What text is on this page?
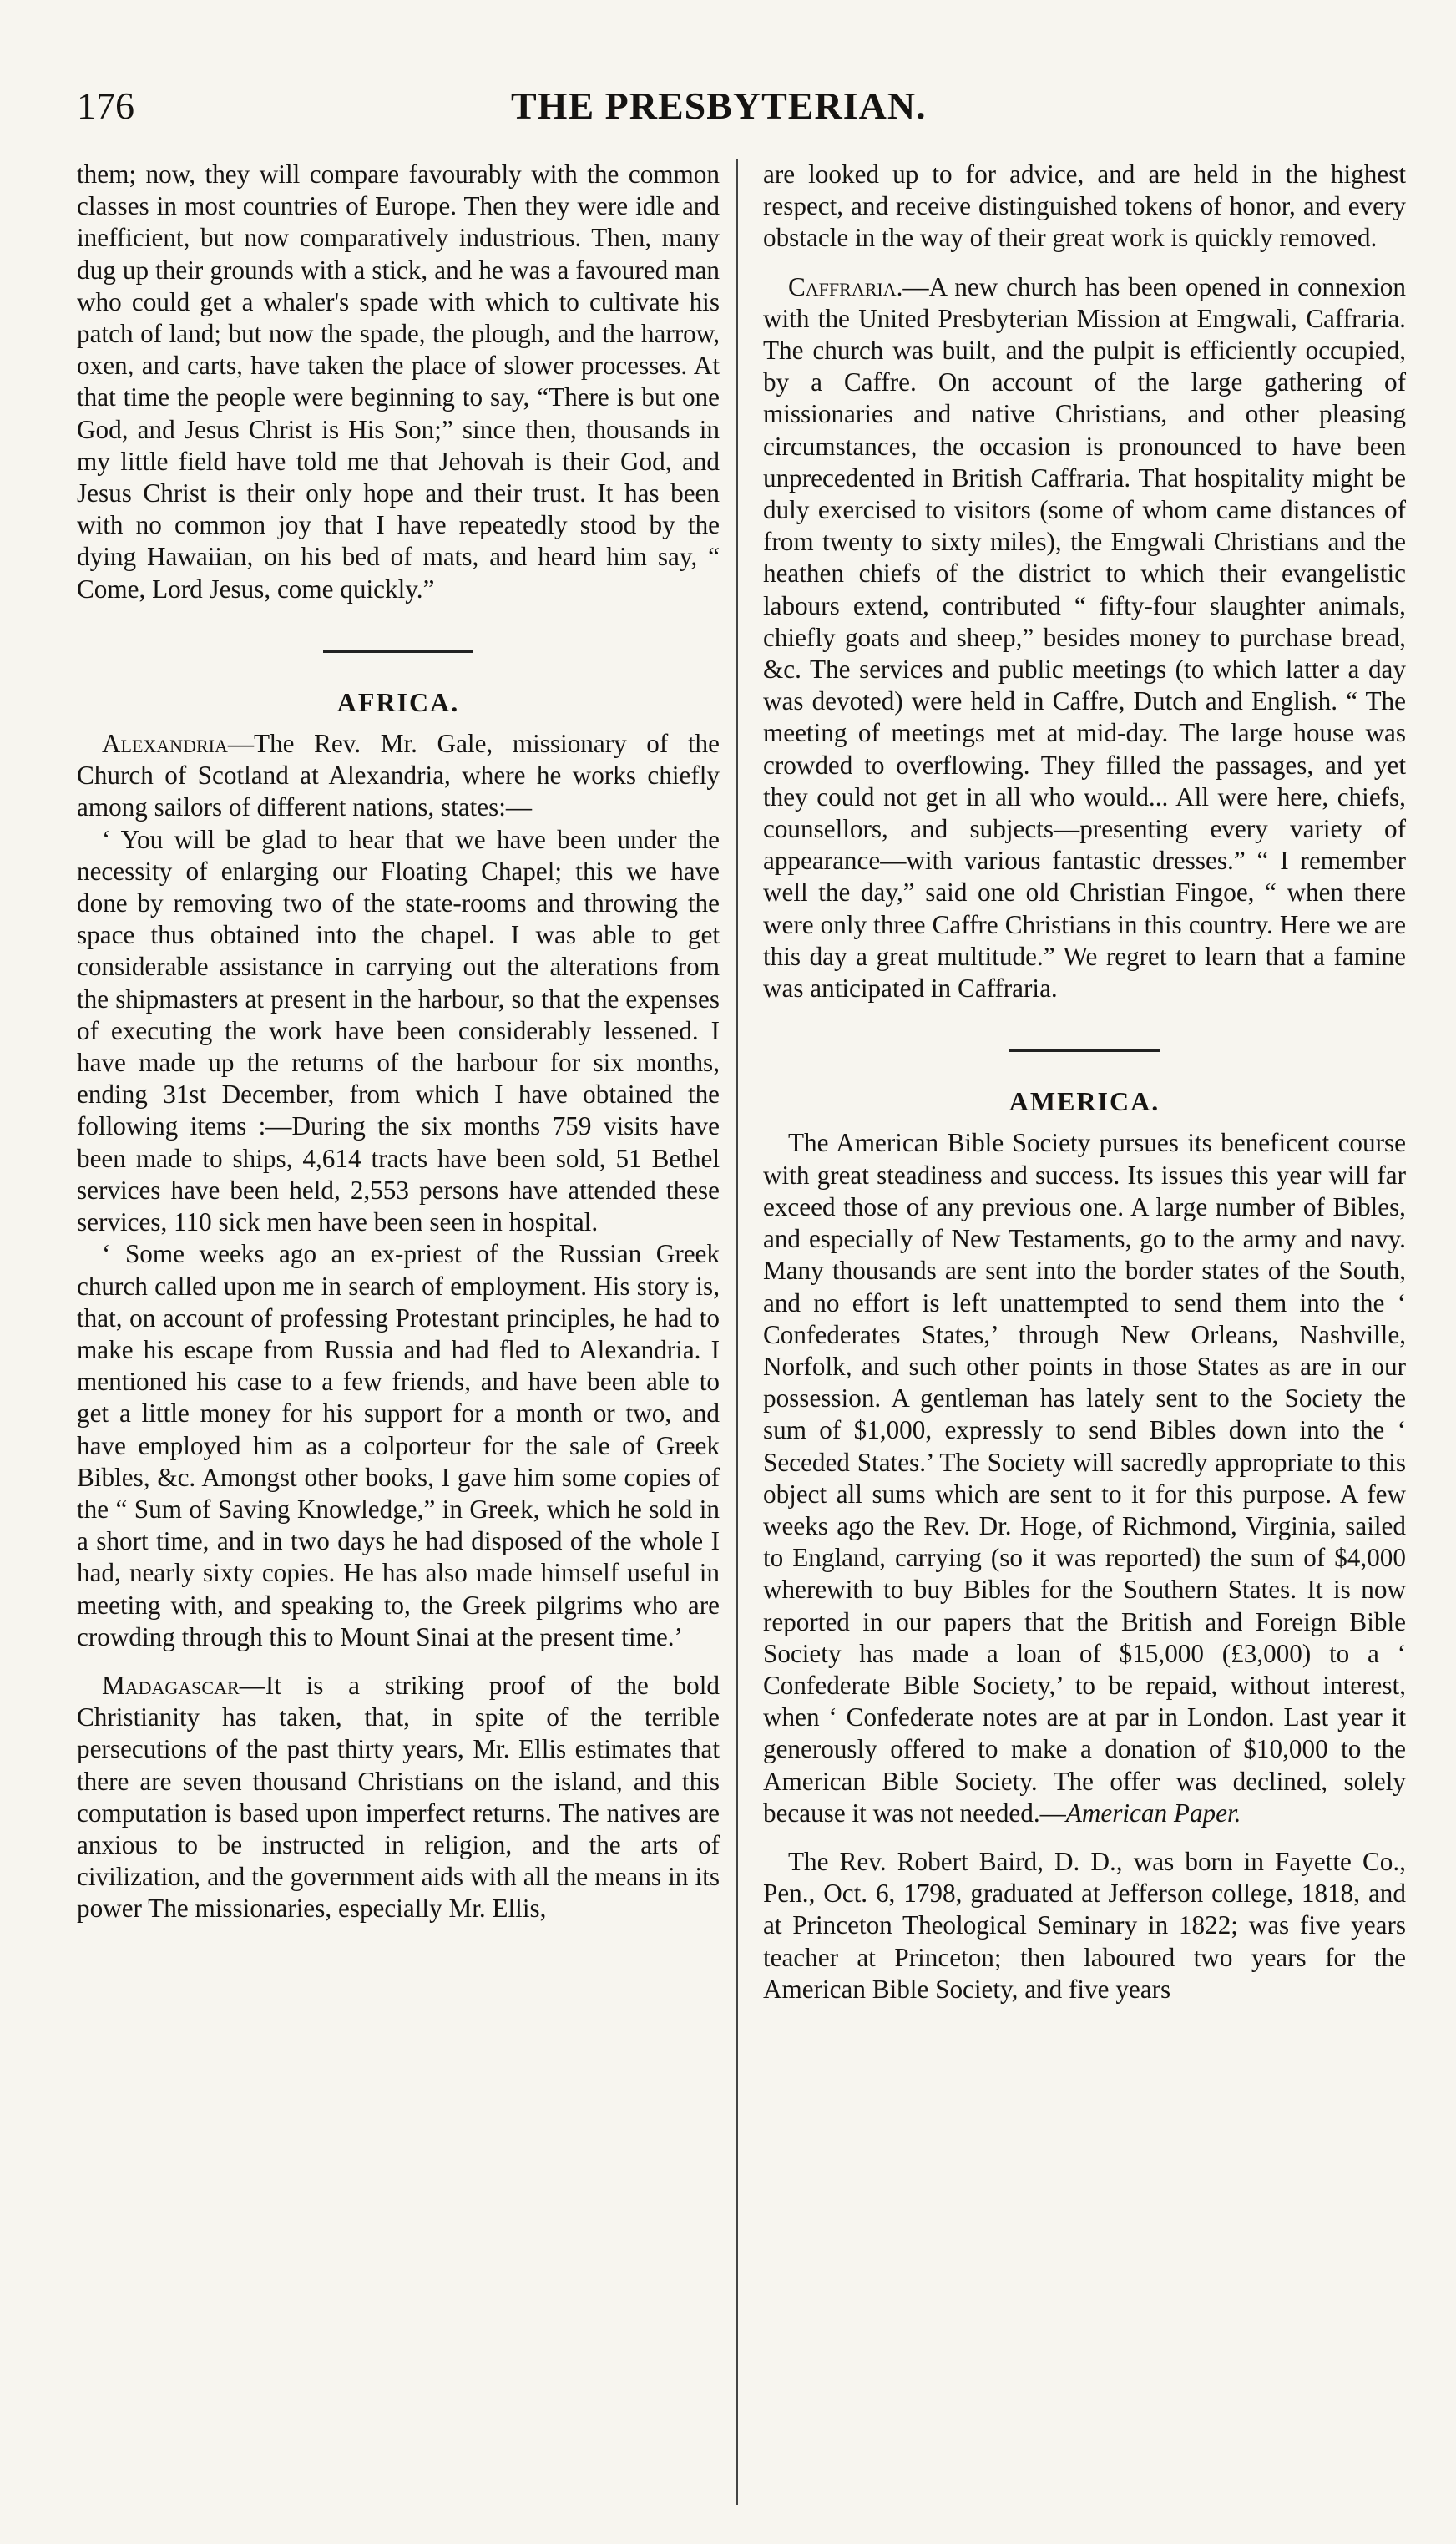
176	THE PRESBYTERIAN.

them; now, they will compare favourably with the common classes in most countries of Europe. Then they were idle and inefficient, but now comparatively industrious. Then, many dug up their grounds with a stick, and he was a favoured man who could get a whaler's spade with which to cultivate his patch of land; but now the spade, the plough, and the harrow, oxen, and carts, have taken the place of slower processes. At that time the people were beginning to say, “There is but one God, and Jesus Christ is His Son;” since then, thousands in my little field have told me that Jehovah is their God, and Jesus Christ is their only hope and their trust. It has been with no common joy that I have repeatedly stood by the dying Hawaiian, on his bed of mats, and heard him say, “ Come, Lord Jesus, come quickly.”

AFRICA.

Alexandria—The Rev. Mr. Gale, missionary of the Church of Scotland at Alexandria, where he works chiefly among sailors of different nations, states:—

‘ You will be glad to hear that we have been under the necessity of enlarging our Floating Chapel; this we have done by removing two of the state-rooms and throwing the space thus obtained into the chapel. I was able to get considerable assistance in carrying out the alterations from the shipmasters at present in the harbour, so that the expenses of executing the work have been considerably lessened. I have made up the returns of the harbour for six months, ending 31st December, from which I have obtained the following items :—During the six months 759 visits have been made to ships, 4,614 tracts have been sold, 51 Bethel services have been held, 2,553 persons have attended these services, 110 sick men have been seen in hospital.

‘ Some weeks ago an ex-priest of the Russian Greek church called upon me in search of employment. His story is, that, on account of professing Protestant principles, he had to make his escape from Russia and had fled to Alexandria. I mentioned his case to a few friends, and have been able to get a little money for his support for a month or two, and have employed him as a colporteur for the sale of Greek Bibles, &c. Amongst other books, I gave him some copies of the “ Sum of Saving Knowledge,” in Greek, which he sold in a short time, and in two days he had disposed of the whole I had, nearly sixty copies. He has also made himself useful in meeting with, and speaking to, the Greek pilgrims who are crowding through this to Mount Sinai at the present time.’

Madagascar—It is a striking proof of the bold Christianity has taken, that, in spite of the terrible persecutions of the past thirty years, Mr. Ellis estimates that there are seven thousand Christians on the island, and this computation is based upon imperfect returns. The natives are anxious to be instructed in religion, and the arts of civilization, and the government aids with all the means in its power The missionaries, especially Mr. Ellis,

are looked up to for advice, and are held in the highest respect, and receive distinguished tokens of honor, and every obstacle in the way of their great work is quickly removed.

Caffraria.—A new church has been opened in connexion with the United Presbyterian Mission at Emgwali, Caffraria. The church was built, and the pulpit is efficiently occupied, by a Caffre. On account of the large gathering of missionaries and native Christians, and other pleasing circumstances, the occasion is pronounced to have been unprecedented in British Caffraria. That hospitality might be duly exercised to visitors (some of whom came distances of from twenty to sixty miles), the Emgwali Christians and the heathen chiefs of the district to which their evangelistic labours extend, contributed “ fifty-four slaughter animals, chiefly goats and sheep,” besides money to purchase bread, &c. The services and public meetings (to which latter a day was devoted) were held in Caffre, Dutch and English. “ The meeting of meetings met at mid-day. The large house was crowded to overflowing. They filled the passages, and yet they could not get in all who would... All were here, chiefs, counsellors, and subjects—presenting every variety of appearance—with various fantastic dresses.” “ I remember well the day,” said one old Christian Fingoe, “ when there were only three Caffre Christians in this country. Here we are this day a great multitude.” We regret to learn that a famine was anticipated in Caffraria.

AMERICA.

The American Bible Society pursues its beneficent course with great steadiness and success. Its issues this year will far exceed those of any previous one. A large number of Bibles, and especially of New Testaments, go to the army and navy. Many thousands are sent into the border states of the South, and no effort is left unattempted to send them into the ‘ Confederates States,’ through New Orleans, Nashville, Norfolk, and such other points in those States as are in our possession. A gentleman has lately sent to the Society the sum of $1,000, expressly to send Bibles down into the ‘ Seceded States.’ The Society will sacredly appropriate to this object all sums which are sent to it for this purpose. A few weeks ago the Rev. Dr. Hoge, of Richmond, Virginia, sailed to England, carrying (so it was reported) the sum of $4,000 wherewith to buy Bibles for the Southern States. It is now reported in our papers that the British and Foreign Bible Society has made a loan of $15,000 (£3,000) to a ‘ Confederate Bible Society,’ to be repaid, without interest, when ‘ Confederate notes are at par in London. Last year it generously offered to make a donation of $10,000 to the American Bible Society. The offer was declined, solely because it was not needed.—American Paper.

The Rev. Robert Baird, D. D., was born in Fayette Co., Pen., Oct. 6, 1798, graduated at Jefferson college, 1818, and at Princeton Theological Seminary in 1822; was five years teacher at Princeton; then laboured two years for the American Bible Society, and five years
